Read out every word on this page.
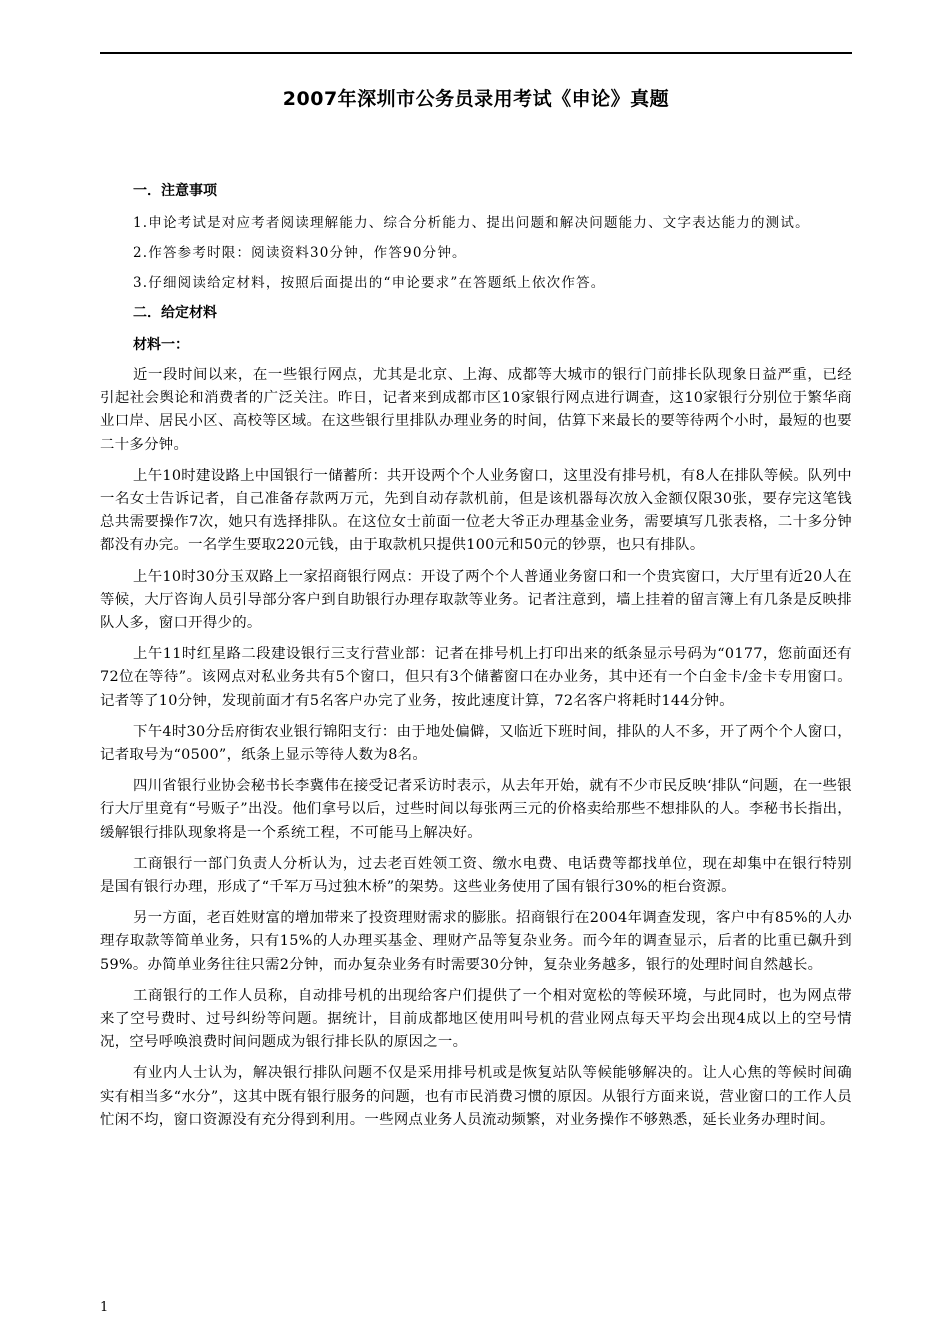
2007年深圳市公务员录用考试《申论》真题

一．注意事项

1.申论考试是对应考者阅读理解能力、综合分析能力、提出问题和解决问题能力、文字表达能力的测试。

2.作答参考时限：阅读资料30分钟，作答90分钟。

3.仔细阅读给定材料，按照后面提出的“申论要求”在答题纸上依次作答。

二．给定材料

材料一：

近一段时间以来，在一些银行网点，尤其是北京、上海、成都等大城市的银行门前排长队现象日益严重，已经引起社会舆论和消费者的广泛关注。昨日，记者来到成都市区10家银行网点进行调查，这10家银行分别位于繁华商业口岸、居民小区、高校等区域。在这些银行里排队办理业务的时间，估算下来最长的要等待两个小时，最短的也要二十多分钟。

上午10时建设路上中国银行一储蓄所：共开设两个个人业务窗口，这里没有排号机，有8人在排队等候。队列中一名女士告诉记者，自己准备存款两万元，先到自动存款机前，但是该机器每次放入金额仅限30张，要存完这笔钱总共需要操作7次，她只有选择排队。在这位女士前面一位老大爷正办理基金业务，需要填写几张表格，二十多分钟都没有办完。一名学生要取220元钱，由于取款机只提供100元和50元的钞票，也只有排队。

上午10时30分玉双路上一家招商银行网点：开设了两个个人普通业务窗口和一个贵宾窗口，大厅里有近20人在等候，大厅咨询人员引导部分客户到自助银行办理存取款等业务。记者注意到，墙上挂着的留言簿上有几条是反映排队人多，窗口开得少的。

上午11时红星路二段建设银行三支行营业部：记者在排号机上打印出来的纸条显示号码为“0177，您前面还有72位在等待”。该网点对私业务共有5个窗口，但只有3个储蓄窗口在办业务，其中还有一个白金卡/金卡专用窗口。记者等了10分钟，发现前面才有5名客户办完了业务，按此速度计算，72名客户将耗时144分钟。

下午4时30分岳府街农业银行锦阳支行：由于地处偏僻，又临近下班时间，排队的人不多，开了两个个人窗口，记者取号为“0500”，纸条上显示等待人数为8名。

四川省银行业协会秘书长李冀伟在接受记者采访时表示，从去年开始，就有不少市民反映‘排队“问题，在一些银行大厅里竟有“号贩子”出没。他们拿号以后，过些时间以每张两三元的价格卖给那些不想排队的人。李秘书长指出，缓解银行排队现象将是一个系统工程，不可能马上解决好。

工商银行一部门负责人分析认为，过去老百姓领工资、缴水电费、电话费等都找单位，现在却集中在银行特别是国有银行办理，形成了“千军万马过独木桥”的架势。这些业务使用了国有银行30%的柜台资源。

另一方面，老百姓财富的增加带来了投资理财需求的膨胀。招商银行在2004年调查发现，客户中有85%的人办理存取款等简单业务，只有15%的人办理买基金、理财产品等复杂业务。而今年的调查显示，后者的比重已飙升到59%。办简单业务往往只需2分钟，而办复杂业务有时需要30分钟，复杂业务越多，银行的处理时间自然越长。

工商银行的工作人员称，自动排号机的出现给客户们提供了一个相对宽松的等候环境，与此同时，也为网点带来了空号费时、过号纠纷等问题。据统计，目前成都地区使用叫号机的营业网点每天平均会出现4成以上的空号情况，空号呼唤浪费时间问题成为银行排长队的原因之一。

有业内人士认为，解决银行排队问题不仅是采用排号机或是恢复站队等候能够解决的。让人心焦的等候时间确实有相当多“水分”，这其中既有银行服务的问题，也有市民消费习惯的原因。从银行方面来说，营业窗口的工作人员忙闲不均，窗口资源没有充分得到利用。一些网点业务人员流动频繁，对业务操作不够熟悉，延长业务办理时间。

1
